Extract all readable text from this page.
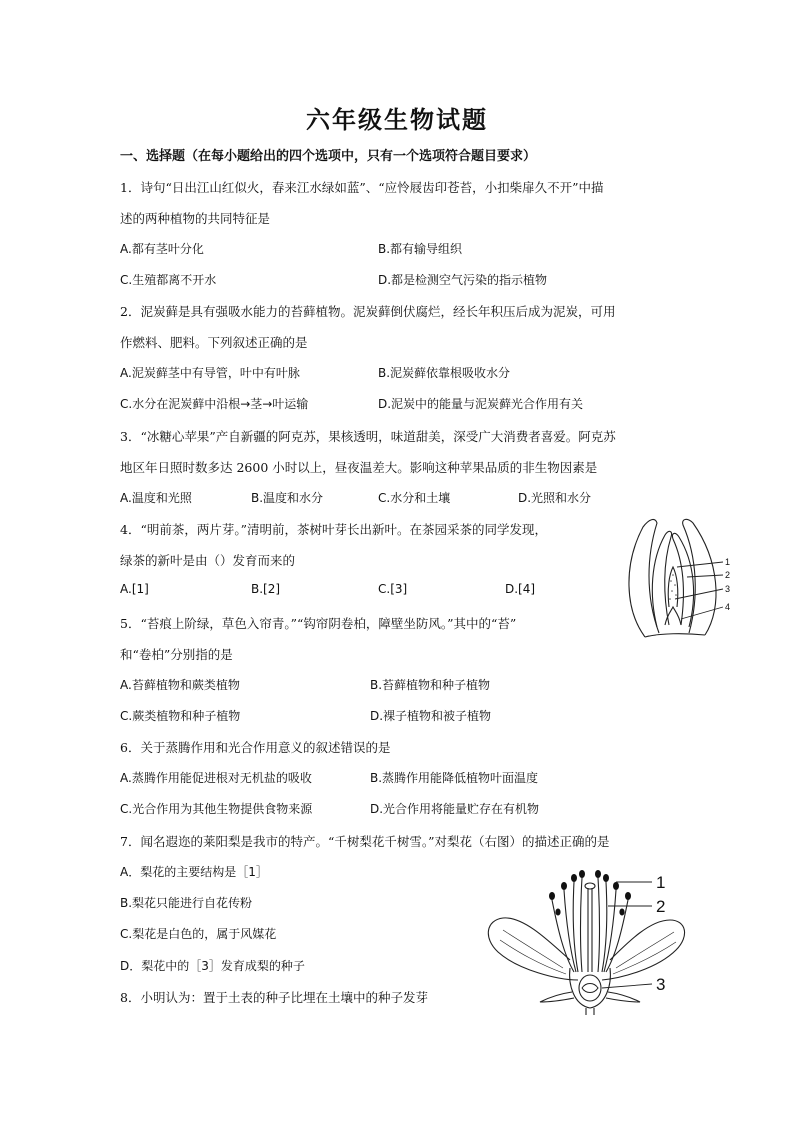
六年级生物试题
一、选择题（在每小题给出的四个选项中，只有一个选项符合题目要求）
1．诗句“日出江山红似火，春来江水绿如蓝”、“应怜屐齿印苍苔，小扣柴扉久不开”中描
述的两种植物的共同特征是
A.都有茎叶分化	B.都有输导组织
C.生殖都离不开水	D.都是检测空气污染的指示植物
2．泥炭藓是具有强吸水能力的苔藓植物。泥炭藓倒伏腐烂，经长年积压后成为泥炭，可用
作燃料、肥料。下列叙述正确的是
A.泥炭藓茎中有导管，叶中有叶脉	B.泥炭藓依靠根吸收水分
C.水分在泥炭藓中沿根→茎→叶运输	D.泥炭中的能量与泥炭藓光合作用有关
3．“冰糖心苹果”产自新疆的阿克苏，果核透明，味道甜美，深受广大消费者喜爱。阿克苏
地区年日照时数多达 2600 小时以上，昼夜温差大。影响这种苹果品质的非生物因素是
A.温度和光照	B.温度和水分	C.水分和土壤	D.光照和水分
4．“明前茶，两片芽。”清明前，茶树叶芽长出新叶。在茶园采茶的同学发现，
绿茶的新叶是由（）发育而来的
A.[1]	B.[2]	C.[3]	D.[4]
1
2
3
4
5．“苔痕上阶绿，草色入帘青。”“钩帘阴卷柏，障壁坐防风。”其中的“苔”
和“卷柏”分别指的是
A.苔藓植物和蕨类植物	B.苔藓植物和种子植物
C.蕨类植物和种子植物	D.裸子植物和被子植物
6．关于蒸腾作用和光合作用意义的叙述错误的是
A.蒸腾作用能促进根对无机盐的吸收	B.蒸腾作用能降低植物叶面温度
C.光合作用为其他生物提供食物来源	D.光合作用将能量贮存在有机物
7．闻名遐迩的莱阳梨是我市的特产。“千树梨花千树雪。”对梨花（右图）的描述正确的是
A．梨花的主要结构是［1］
B.梨花只能进行自花传粉
C.梨花是白色的，属于风媒花
D．梨花中的［3］发育成梨的种子
8．小明认为：置于土表的种子比埋在土壤中的种子发芽
1
2
3
